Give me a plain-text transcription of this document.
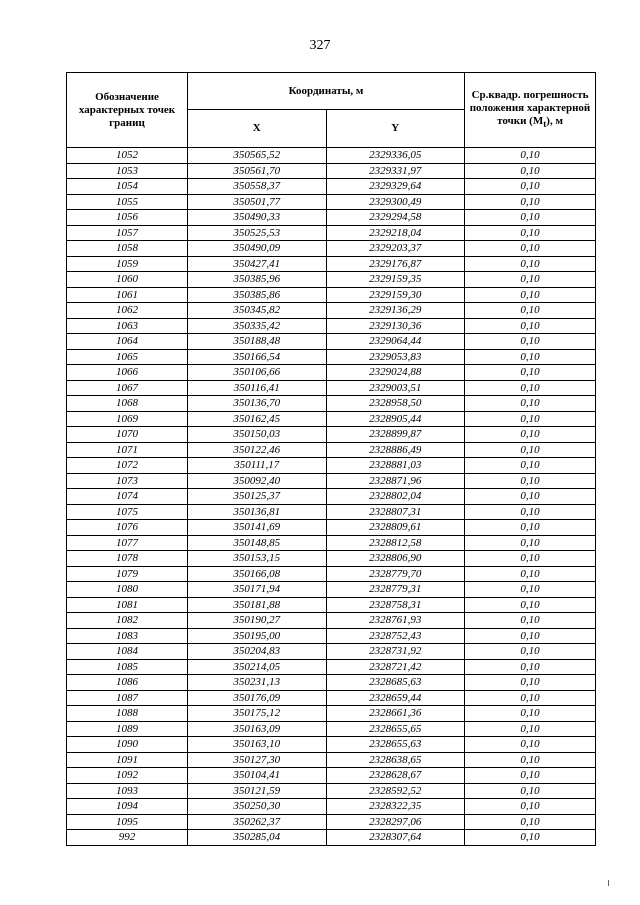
327
Обозначение характерных точек границ	Координаты, м		Ср.квадр. погрешность положения характерной точки $(M_t)$, м
	X	Y	
1052	350565,52	2329336,05	0,10
1053	350561,70	2329331,97	0,10
1054	350558,37	2329329,64	0,10
1055	350501,77	2329300,49	0,10
1056	350490,33	2329294,58	0,10
1057	350525,53	2329218,04	0,10
1058	350490,09	2329203,37	0,10
1059	350427,41	2329176,87	0,10
1060	350385,96	2329159,35	0,10
1061	350385,86	2329159,30	0,10
1062	350345,82	2329136,29	0,10
1063	350335,42	2329130,36	0,10
1064	350188,48	2329064,44	0,10
1065	350166,54	2329053,83	0,10
1066	350106,66	2329024,88	0,10
1067	350116,41	2329003,51	0,10
1068	350136,70	2328958,50	0,10
1069	350162,45	2328905,44	0,10
1070	350150,03	2328899,87	0,10
1071	350122,46	2328886,49	0,10
1072	350111,17	2328881,03	0,10
1073	350092,40	2328871,96	0,10
1074	350125,37	2328802,04	0,10
1075	350136,81	2328807,31	0,10
1076	350141,69	2328809,61	0,10
1077	350148,85	2328812,58	0,10
1078	350153,15	2328806,90	0,10
1079	350166,08	2328779,70	0,10
1080	350171,94	2328779,31	0,10
1081	350181,88	2328758,31	0,10
1082	350190,27	2328761,93	0,10
1083	350195,00	2328752,43	0,10
1084	350204,83	2328731,92	0,10
1085	350214,05	2328721,42	0,10
1086	350231,13	2328685,63	0,10
1087	350176,09	2328659,44	0,10
1088	350175,12	2328661,36	0,10
1089	350163,09	2328655,65	0,10
1090	350163,10	2328655,63	0,10
1091	350127,30	2328638,65	0,10
1092	350104,41	2328628,67	0,10
1093	350121,59	2328592,52	0,10
1094	350250,30	2328322,35	0,10
1095	350262,37	2328297,06	0,10
992	350285,04	2328307,64	0,10
